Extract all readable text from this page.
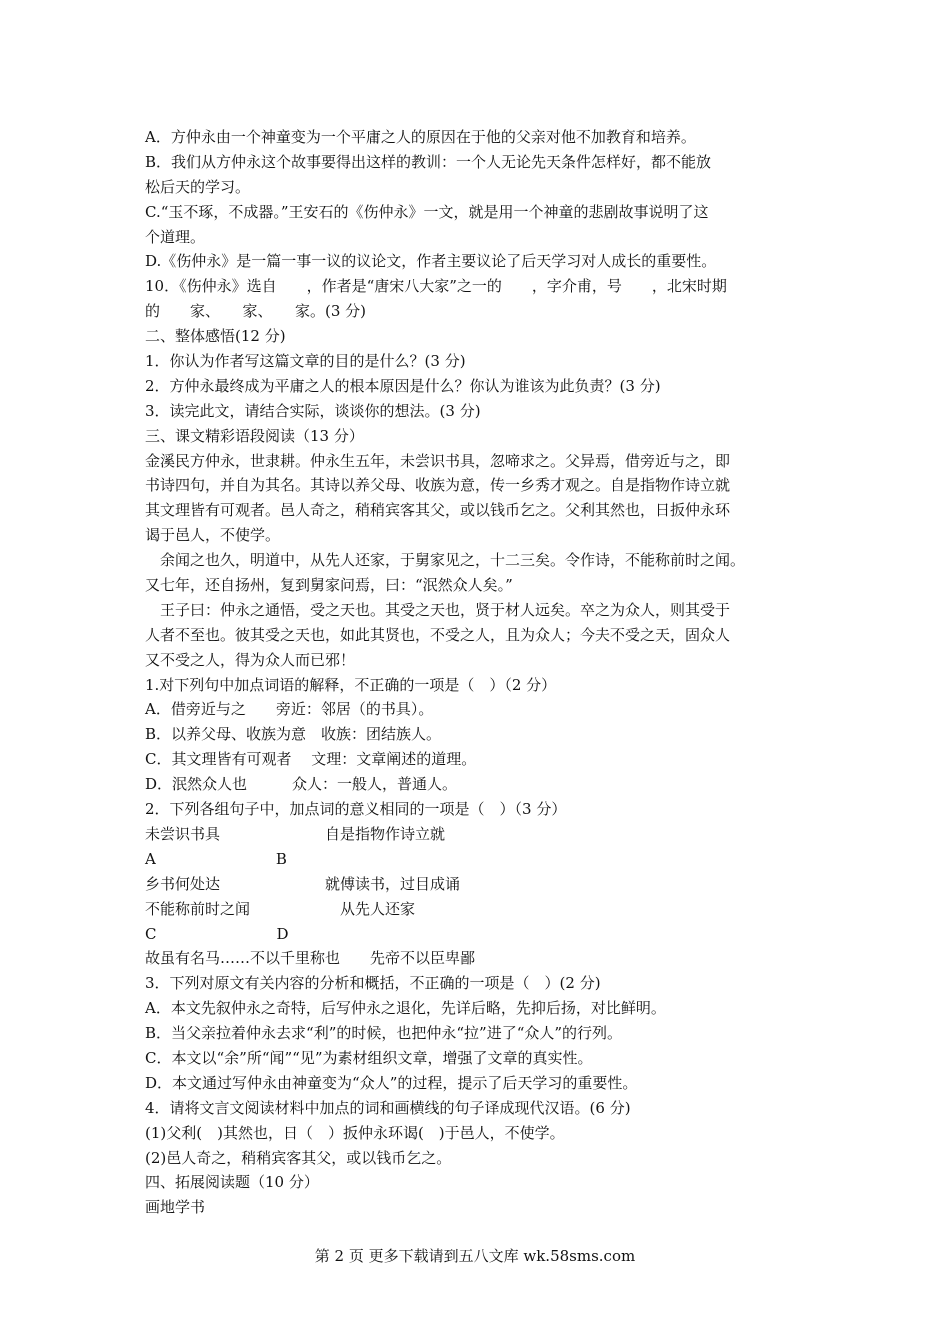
A．方仲永由一个神童变为一个平庸之人的原因在于他的父亲对他不加教育和培养。
B．我们从方仲永这个故事要得出这样的教训：一个人无论先天条件怎样好，都不能放
松后天的学习。
C.“玉不琢，不成器。”王安石的《伤仲永》一文，就是用一个神童的悲剧故事说明了这
个道理。
D.《伤仲永》是一篇一事一议的议论文，作者主要议论了后天学习对人成长的重要性。
10．《伤仲永》选自　　，作者是“唐宋八大家”之一的　　，字介甫，号　　，北宋时期
的　　家、　　家、　　家。(3 分)
二、整体感悟(12 分)
1．你认为作者写这篇文章的目的是什么？(3 分)
2．方仲永最终成为平庸之人的根本原因是什么？你认为谁该为此负责？(3 分)
3．读完此文，请结合实际，谈谈你的想法。(3 分)
三、课文精彩语段阅读（13 分）
金溪民方仲永，世隶耕。仲永生五年，未尝识书具，忽啼求之。父异焉，借旁近与之，即
书诗四句，并自为其名。其诗以养父母、收族为意，传一乡秀才观之。自是指物作诗立就
其文理皆有可观者。邑人奇之，稍稍宾客其父，或以钱币乞之。父利其然也，日扳仲永环
谒于邑人，不使学。
　余闻之也久，明道中，从先人还家，于舅家见之，十二三矣。令作诗，不能称前时之闻。
又七年，还自扬州，复到舅家问焉，曰：“泯然众人矣。”
　王子曰：仲永之通悟，受之天也。其受之天也，贤于材人远矣。卒之为众人，则其受于
人者不至也。彼其受之天也，如此其贤也，不受之人，且为众人；今夫不受之天，固众人
又不受之人，得为众人而已邪！
1.对下列句中加点词语的解释，不正确的一项是（　）（2 分）
A．借旁近与之　　旁近：邻居（的书具）。
B．以养父母、收族为意　收族：团结族人。
C．其文理皆有可观者　 文理：文章阐述的道理。
D．泯然众人也　　　众人：一般人，普通人。
2．下列各组句子中，加点词的意义相同的一项是（　）（3 分）
未尝识书具　　　　　　　自是指物作诗立就
A　　　　　　　　B
乡书何处达　　　　　　　就傅读书，过目成诵
不能称前时之闻　　　　　　从先人还家
C　　　　　　　　D
故虽有名马……不以千里称也　　先帝不以臣卑鄙
3．下列对原文有关内容的分析和概括，不正确的一项是（　）(2 分)
A．本文先叙仲永之奇特，后写仲永之退化，先详后略，先抑后扬，对比鲜明。
B．当父亲拉着仲永去求“利”的时候，也把仲永“拉”进了“众人”的行列。
C．本文以“余”所“闻”“见”为素材组织文章，增强了文章的真实性。
D．本文通过写仲永由神童变为“众人”的过程，提示了后天学习的重要性。
4．请将文言文阅读材料中加点的词和画横线的句子译成现代汉语。(6 分)
(1)父利(　)其然也，日（　）扳仲永环谒(　)于邑人，不使学。
(2)邑人奇之，稍稍宾客其父，或以钱币乞之。
四、拓展阅读题（10 分）
画地学书
第 2 页 更多下载请到五八文库 wk.58sms.com
